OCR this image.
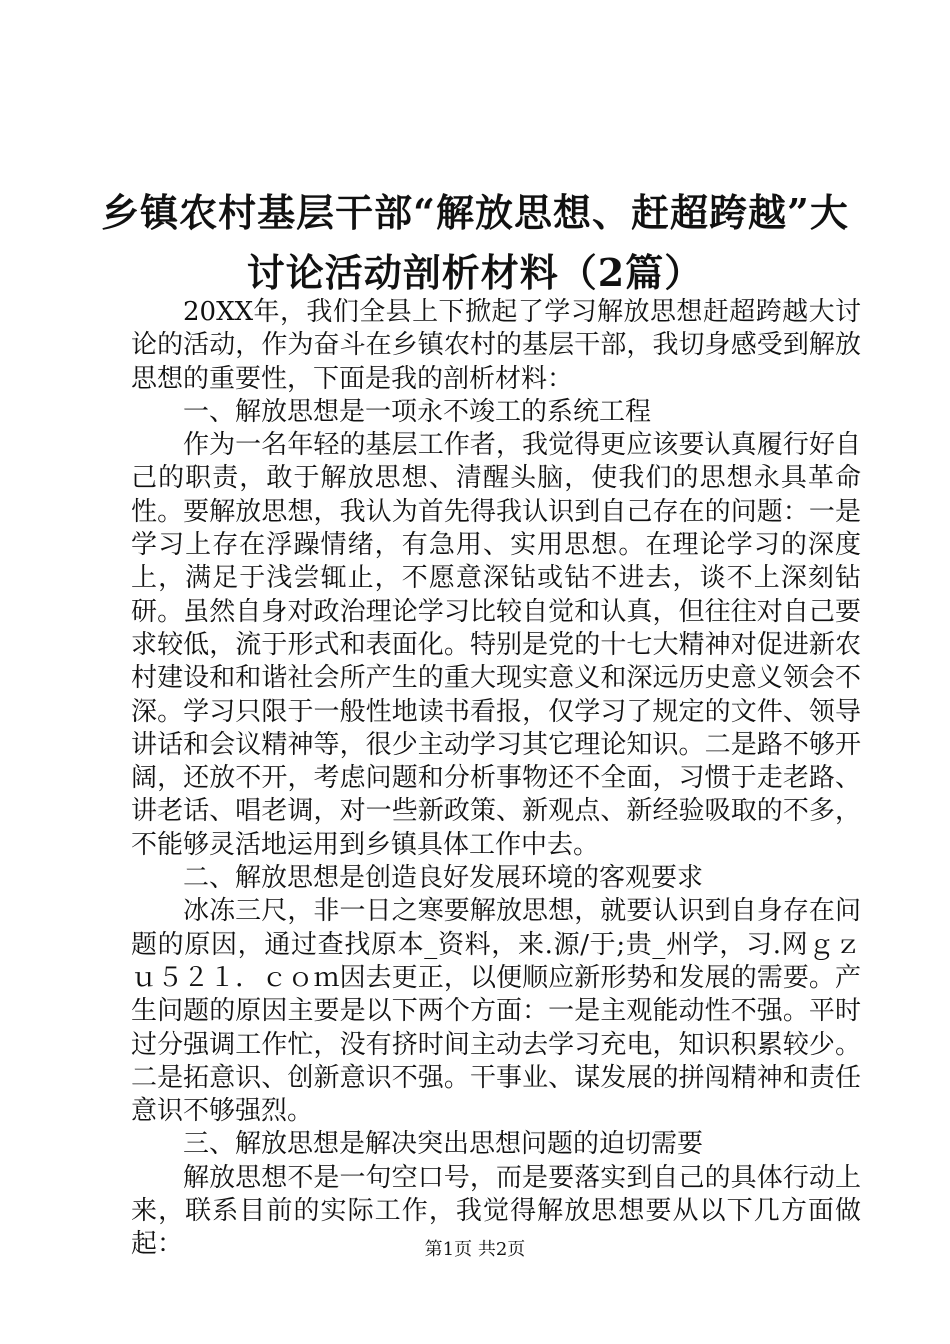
乡镇农村基层干部“解放思想、赶超跨越”大
讨论活动剖析材料（2篇）

20XX年，我们全县上下掀起了学习解放思想赶超跨越大讨论的活动，作为奋斗在乡镇农村的基层干部，我切身感受到解放思想的重要性，下面是我的剖析材料：

一、解放思想是一项永不竣工的系统工程

作为一名年轻的基层工作者，我觉得更应该要认真履行好自己的职责，敢于解放思想、清醒头脑，使我们的思想永具革命性。要解放思想，我认为首先得我认识到自己存在的问题：一是学习上存在浮躁情绪，有急用、实用思想。在理论学习的深度上，满足于浅尝辄止，不愿意深钻或钻不进去，谈不上深刻钻研。虽然自身对政治理论学习比较自觉和认真，但往往对自己要求较低，流于形式和表面化。特别是党的十七大精神对促进新农村建设和和谐社会所产生的重大现实意义和深远历史意义领会不深。学习只限于一般性地读书看报，仅学习了规定的文件、领导讲话和会议精神等，很少主动学习其它理论知识。二是路不够开阔，还放不开，考虑问题和分析事物还不全面，习惯于走老路、讲老话、唱老调，对一些新政策、新观点、新经验吸取的不多，不能够灵活地运用到乡镇具体工作中去。

二、解放思想是创造良好发展环境的客观要求

冰冻三尺，非一日之寒要解放思想，就要认识到自身存在问题的原因，通过查找原本_资料，来.源/于;贵_州学，习.网ｇｚｕ５２１．ｃｏｍ因去更正，以便顺应新形势和发展的需要。产生问题的原因主要是以下两个方面：一是主观能动性不强。平时过分强调工作忙，没有挤时间主动去学习充电，知识积累较少。二是拓意识、创新意识不强。干事业、谋发展的拼闯精神和责任意识不够强烈。

三、解放思想是解决突出思想问题的迫切需要

解放思想不是一句空口号，而是要落实到自己的具体行动上来，联系目前的实际工作，我觉得解放思想要从以下几方面做起：	第1页 共2页
